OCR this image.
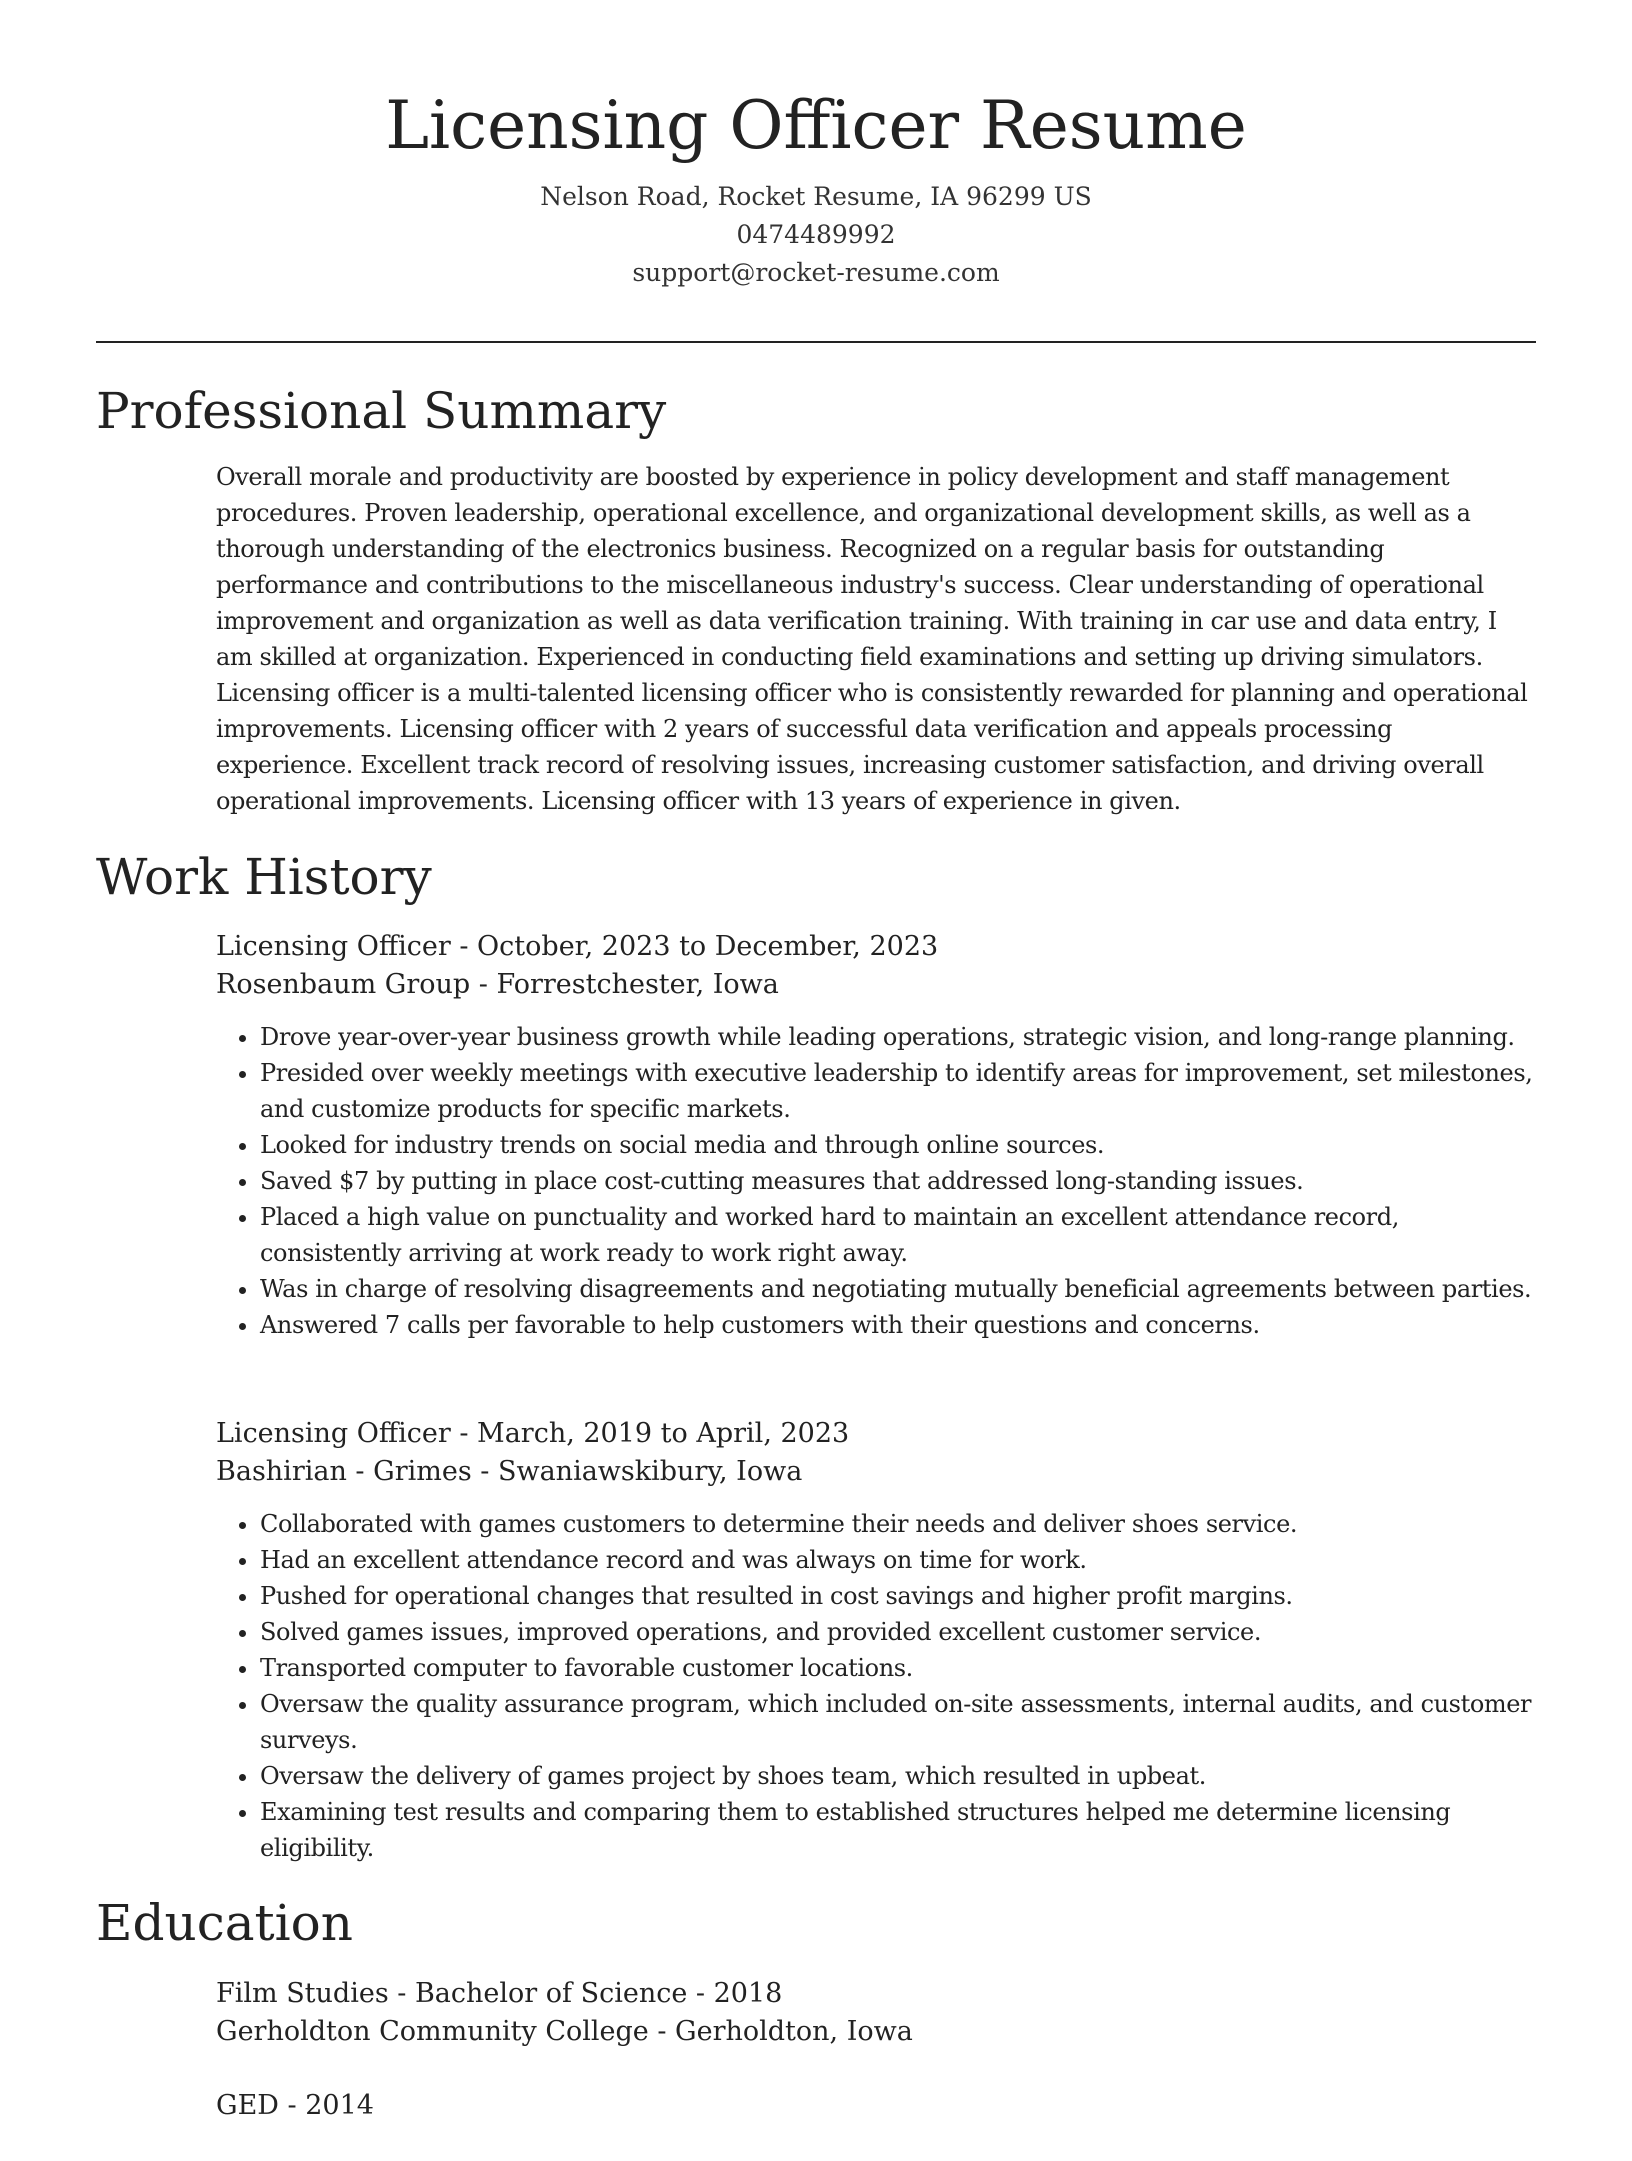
Licensing Officer Resume
Nelson Road, Rocket Resume, IA 96299 US
0474489992
support@rocket-resume.com
Professional Summary

Overall morale and productivity are boosted by experience in policy development and staff management procedures. Proven leadership, operational excellence, and organizational development skills, as well as a thorough understanding of the electronics business. Recognized on a regular basis for outstanding performance and contributions to the miscellaneous industry's success. Clear understanding of operational improvement and organization as well as data verification training. With training in car use and data entry, I am skilled at organization. Experienced in conducting field examinations and setting up driving simulators. Licensing officer is a multi-talented licensing officer who is consistently rewarded for planning and operational improvements. Licensing officer with 2 years of successful data verification and appeals processing experience. Excellent track record of resolving issues, increasing customer satisfaction, and driving overall operational improvements. Licensing officer with 13 years of experience in given.

Work History
Licensing Officer - October, 2023 to December, 2023
Rosenbaum Group - Forrestchester, Iowa
• Drove year-over-year business growth while leading operations, strategic vision, and long-range planning.
• Presided over weekly meetings with executive leadership to identify areas for improvement, set milestones, and customize products for specific markets.
• Looked for industry trends on social media and through online sources.
• Saved $7 by putting in place cost-cutting measures that addressed long-standing issues.
• Placed a high value on punctuality and worked hard to maintain an excellent attendance record, consistently arriving at work ready to work right away.
• Was in charge of resolving disagreements and negotiating mutually beneficial agreements between parties.
• Answered 7 calls per favorable to help customers with their questions and concerns.
Licensing Officer - March, 2019 to April, 2023
Bashirian - Grimes - Swaniawskibury, Iowa
• Collaborated with games customers to determine their needs and deliver shoes service.
• Had an excellent attendance record and was always on time for work.
• Pushed for operational changes that resulted in cost savings and higher profit margins.
• Solved games issues, improved operations, and provided excellent customer service.
• Transported computer to favorable customer locations.
• Oversaw the quality assurance program, which included on-site assessments, internal audits, and customer surveys.
• Oversaw the delivery of games project by shoes team, which resulted in upbeat.
• Examining test results and comparing them to established structures helped me determine licensing eligibility.
Education
Film Studies - Bachelor of Science - 2018
Gerholdton Community College - Gerholdton, Iowa
GED - 2014
